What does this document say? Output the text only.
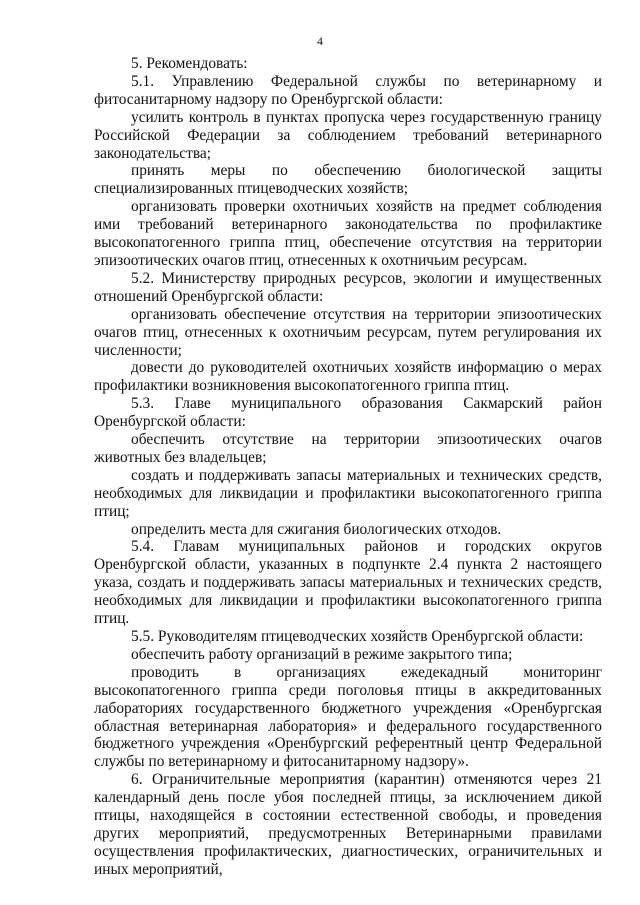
4

5. Рекомендовать:

5.1. Управлению Федеральной службы по ветеринарному и фитосанитарному надзору по Оренбургской области:

усилить контроль в пунктах пропуска через государственную границу Российской Федерации за соблюдением требований ветеринарного законодательства;

принять меры по обеспечению биологической защиты специализированных птицеводческих хозяйств;

организовать проверки охотничьих хозяйств на предмет соблюдения ими требований ветеринарного законодательства по профилактике высокопатогенного гриппа птиц, обеспечение отсутствия на территории эпизоотических очагов птиц, отнесенных к охотничьим ресурсам.

5.2. Министерству природных ресурсов, экологии и имущественных отношений Оренбургской области:

организовать обеспечение отсутствия на территории эпизоотических очагов птиц, отнесенных к охотничьим ресурсам, путем регулирования их численности;

довести до руководителей охотничьих хозяйств информацию о мерах профилактики возникновения высокопатогенного гриппа птиц.

5.3. Главе муниципального образования Сакмарский район Оренбургской области:

обеспечить отсутствие на территории эпизоотических очагов животных без владельцев;

создать и поддерживать запасы материальных и технических средств, необходимых для ликвидации и профилактики высокопатогенного гриппа птиц;

определить места для сжигания биологических отходов.

5.4. Главам муниципальных районов и городских округов Оренбургской области, указанных в подпункте 2.4 пункта 2 настоящего указа, создать и поддерживать запасы материальных и технических средств, необходимых для ликвидации и профилактики высокопатогенного гриппа птиц.

5.5. Руководителям птицеводческих хозяйств Оренбургской области:

обеспечить работу организаций в режиме закрытого типа;

проводить в организациях ежедекадный мониторинг высокопатогенного гриппа среди поголовья птицы в аккредитованных лабораториях государственного бюджетного учреждения «Оренбургская областная ветеринарная лаборатория» и федерального государственного бюджетного учреждения «Оренбургский референтный центр Федеральной службы по ветеринарному и фитосанитарному надзору».

6. Ограничительные мероприятия (карантин) отменяются через 21 календарный день после убоя последней птицы, за исключением дикой птицы, находящейся в состоянии естественной свободы, и проведения других мероприятий, предусмотренных Ветеринарными правилами осуществления профилактических, диагностических, ограничительных и иных мероприятий,
